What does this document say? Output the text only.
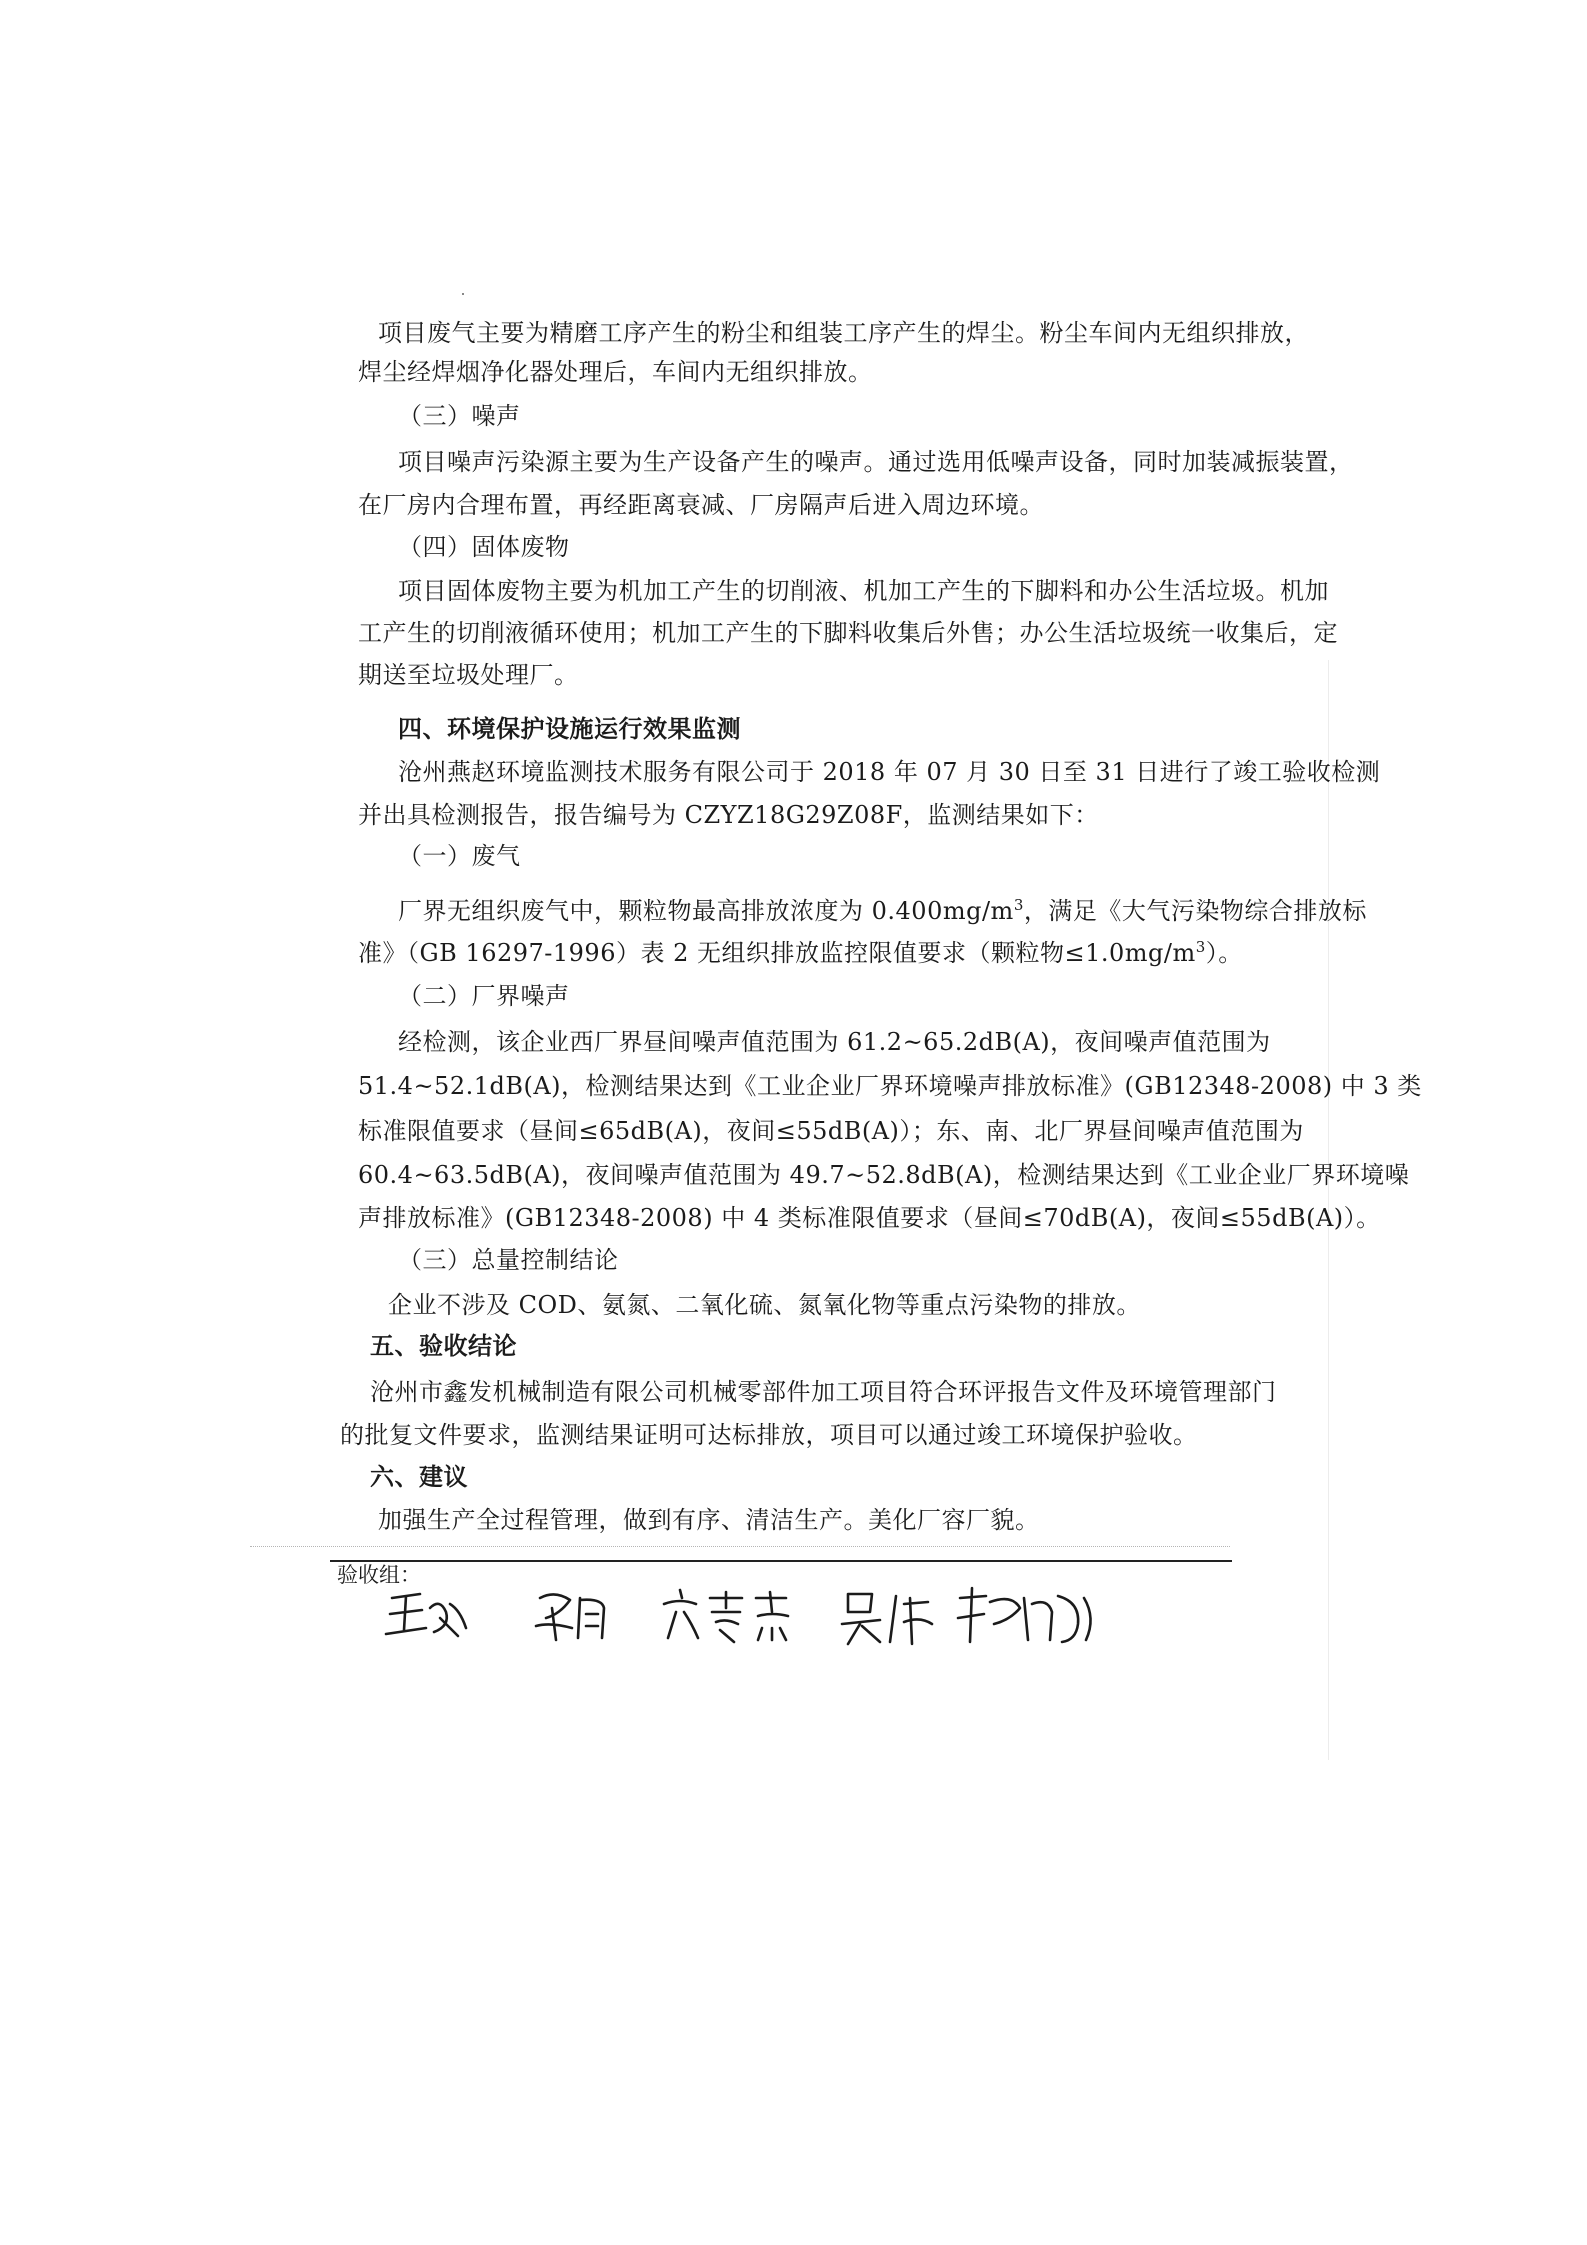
项目废气主要为精磨工序产生的粉尘和组装工序产生的焊尘。粉尘车间内无组织排放，
焊尘经焊烟净化器处理后，车间内无组织排放。
（三）噪声
项目噪声污染源主要为生产设备产生的噪声。通过选用低噪声设备，同时加装减振装置，
在厂房内合理布置，再经距离衰减、厂房隔声后进入周边环境。
（四）固体废物
项目固体废物主要为机加工产生的切削液、机加工产生的下脚料和办公生活垃圾。机加
工产生的切削液循环使用；机加工产生的下脚料收集后外售；办公生活垃圾统一收集后，定
期送至垃圾处理厂。
四、环境保护设施运行效果监测
沧州燕赵环境监测技术服务有限公司于 2018 年 07 月 30 日至 31 日进行了竣工验收检测
并出具检测报告，报告编号为 CZYZ18G29Z08F，监测结果如下：
（一）废气
厂界无组织废气中，颗粒物最高排放浓度为 $0.400mg/m^3$，满足《大气污染物综合排放标
准》（GB 16297-1996）表 2 无组织排放监控限值要求（颗粒物$\le 1.0mg/m^3$）。
（二）厂界噪声
经检测，该企业西厂界昼间噪声值范围为 61.2~65.2dB(A)，夜间噪声值范围为
51.4~52.1dB(A)，检测结果达到《工业企业厂界环境噪声排放标准》(GB12348-2008) 中 3 类
标准限值要求（昼间≤65dB(A)，夜间≤55dB(A)）；东、南、北厂界昼间噪声值范围为
60.4~63.5dB(A)，夜间噪声值范围为 49.7~52.8dB(A)，检测结果达到《工业企业厂界环境噪
声排放标准》(GB12348-2008) 中 4 类标准限值要求（昼间≤70dB(A)，夜间≤55dB(A)）。
（三）总量控制结论
企业不涉及 COD、氨氮、二氧化硫、氮氧化物等重点污染物的排放。
五、验收结论
沧州市鑫发机械制造有限公司机械零部件加工项目符合环评报告文件及环境管理部门
的批复文件要求，监测结果证明可达标排放，项目可以通过竣工环境保护验收。
六、建议
加强生产全过程管理，做到有序、清洁生产。美化厂容厂貌。
验收组：
